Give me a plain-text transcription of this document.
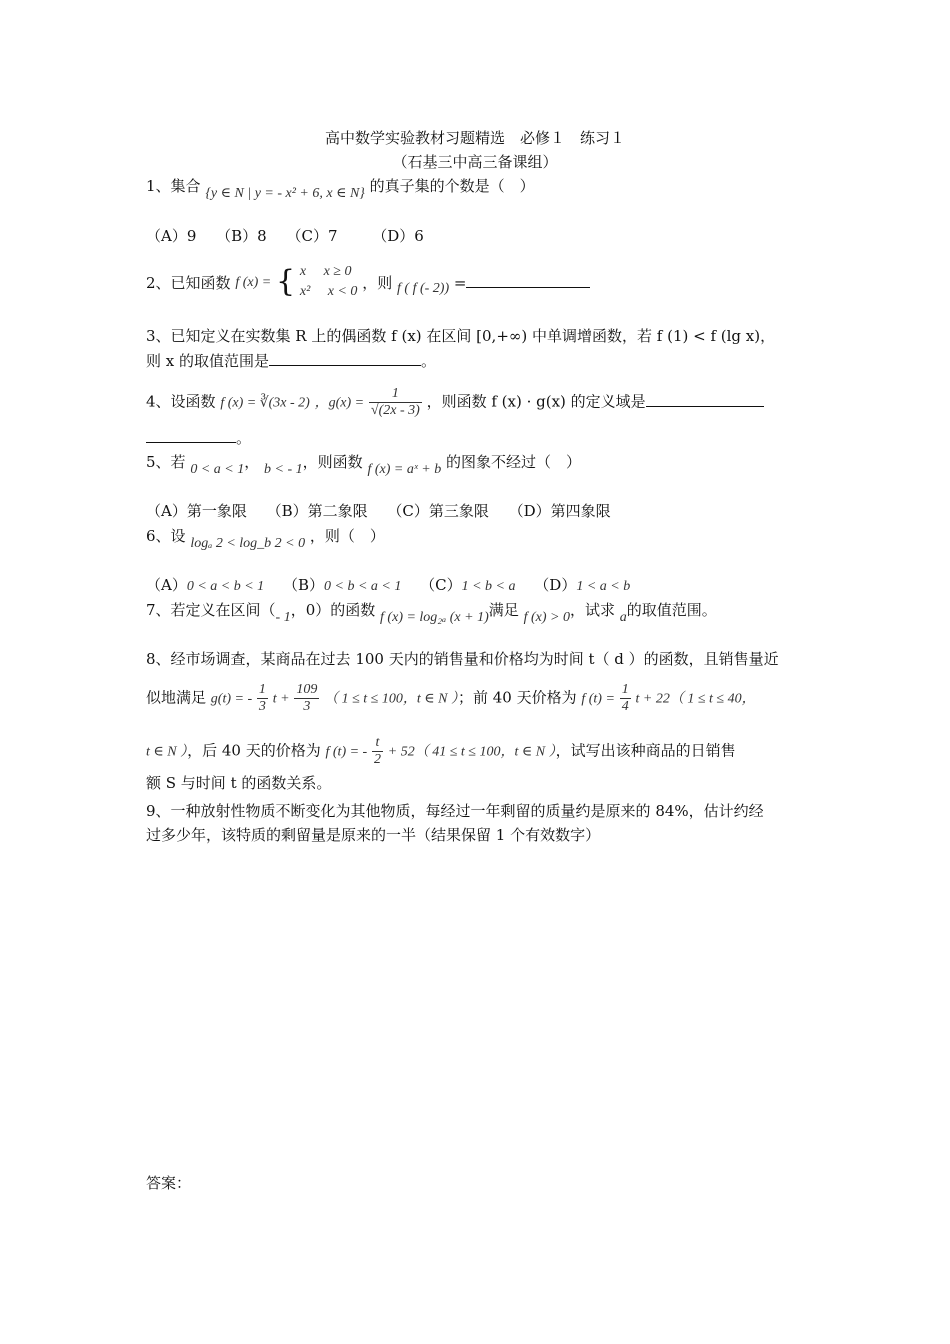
高中数学实验教材习题精选　必修１　练习１
（石基三中高三备课组）
1、集合 {y ∈ N | y = - x² + 6, x ∈ N} 的真子集的个数是（　）
（A）9　 （B）8　 （C）7　　 （D）6
2、已知函数 f (x) = { x　 x ≥ 0
x²　 x < 0 ，则 f ( f (- 2)) =
3、已知定义在实数集 R 上的偶函数 f (x) 在区间 [0,+∞) 中单调增函数，若 f (1) < f (lg x)，
则 x 的取值范围是	。
4、设函数 f (x) = ∛(3x - 2) ，$g(x) = \frac{1}{√(2x - 3)}$ ，则函数 f (x) · g(x) 的定义域是
。
5、若 0 < a < 1， b < - 1，则函数 f (x) = aˣ + b 的图象不经过（　）
（A）第一象限　 （B）第二象限　 （C）第三象限　 （D）第四象限
6、设 logₐ 2 < log_b 2 < 0 ，则（　）
（A）0 < a < b < 1 （B）0 < b < a < 1 （C）1 < b < a （D）1 < a < b
7、若定义在区间（- 1，0）的函数 f (x) = log₂ₐ (x + 1)满足 f (x) > 0，试求 a的取值范围。
8、经市场调查，某商品在过去 100 天内的销售量和价格均为时间 t（ d ）的函数，且销售量近
似地满足 g(t) = - $\frac{1}{3}$ $t + \frac{109}{3}$ （ 1 ≤ t ≤ 100，t ∈ N ）；前 40 天价格为 f $(t) = \frac{1}{4}$ t + 22（ 1 ≤ t ≤ 40，
t ∈ N ），后 40 天的价格为 f (t) = - $\frac{t}{2} + 52$（ 41 ≤ t ≤ 100，t ∈ N ），试写出该种商品的日销售
额 S 与时间 t 的函数关系。
9、一种放射性物质不断变化为其他物质，每经过一年剩留的质量约是原来的 84%，估计约经
过多少年，该特质的剩留量是原来的一半（结果保留 1 个有效数字）
答案：
